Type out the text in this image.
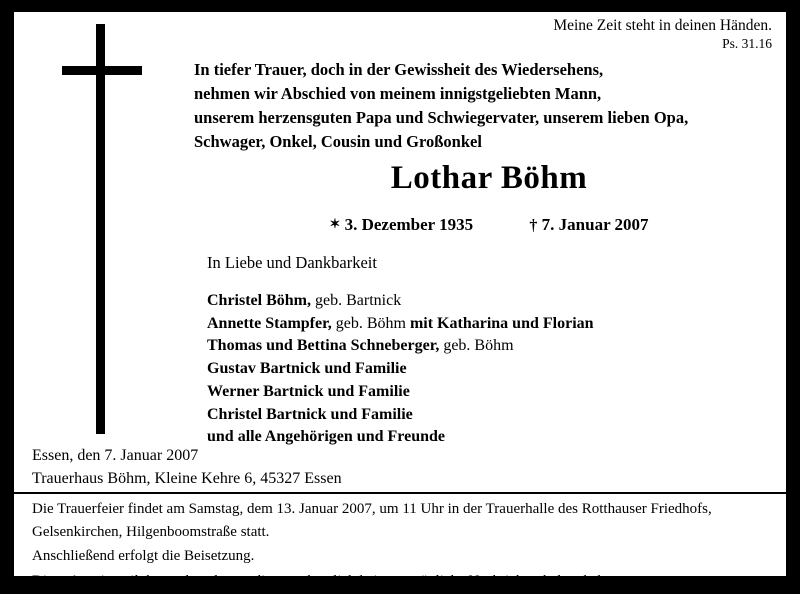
Meine Zeit steht in deinen Händen.
Ps. 31.16
In tiefer Trauer, doch in der Gewissheit des Wiedersehens,
nehmen wir Abschied von meinem innigstgeliebten Mann,
unserem herzensguten Papa und Schwiegervater, unserem lieben Opa,
Schwager, Onkel, Cousin und Großonkel
Lothar Böhm
✶ 3. Dezember 1935	† 7. Januar 2007
In Liebe und Dankbarkeit
Christel Böhm, geb. Bartnick
Annette Stampfer, geb. Böhm mit Katharina und Florian
Thomas und Bettina Schneberger, geb. Böhm
Gustav Bartnick und Familie
Werner Bartnick und Familie
Christel Bartnick und Familie
und alle Angehörigen und Freunde
Essen, den 7. Januar 2007
Trauerhaus Böhm, Kleine Kehre 6, 45327 Essen
Die Trauerfeier findet am Samstag, dem 13. Januar 2007, um 11 Uhr in der Trauerhalle des Rotthauser Friedhofs,
Gelsenkirchen, Hilgenboomstraße statt.
Anschließend erfolgt die Beisetzung.
Diese Anzeige gilt besonders denen, die versehentlich keine persönliche Nachricht erhalten haben.
